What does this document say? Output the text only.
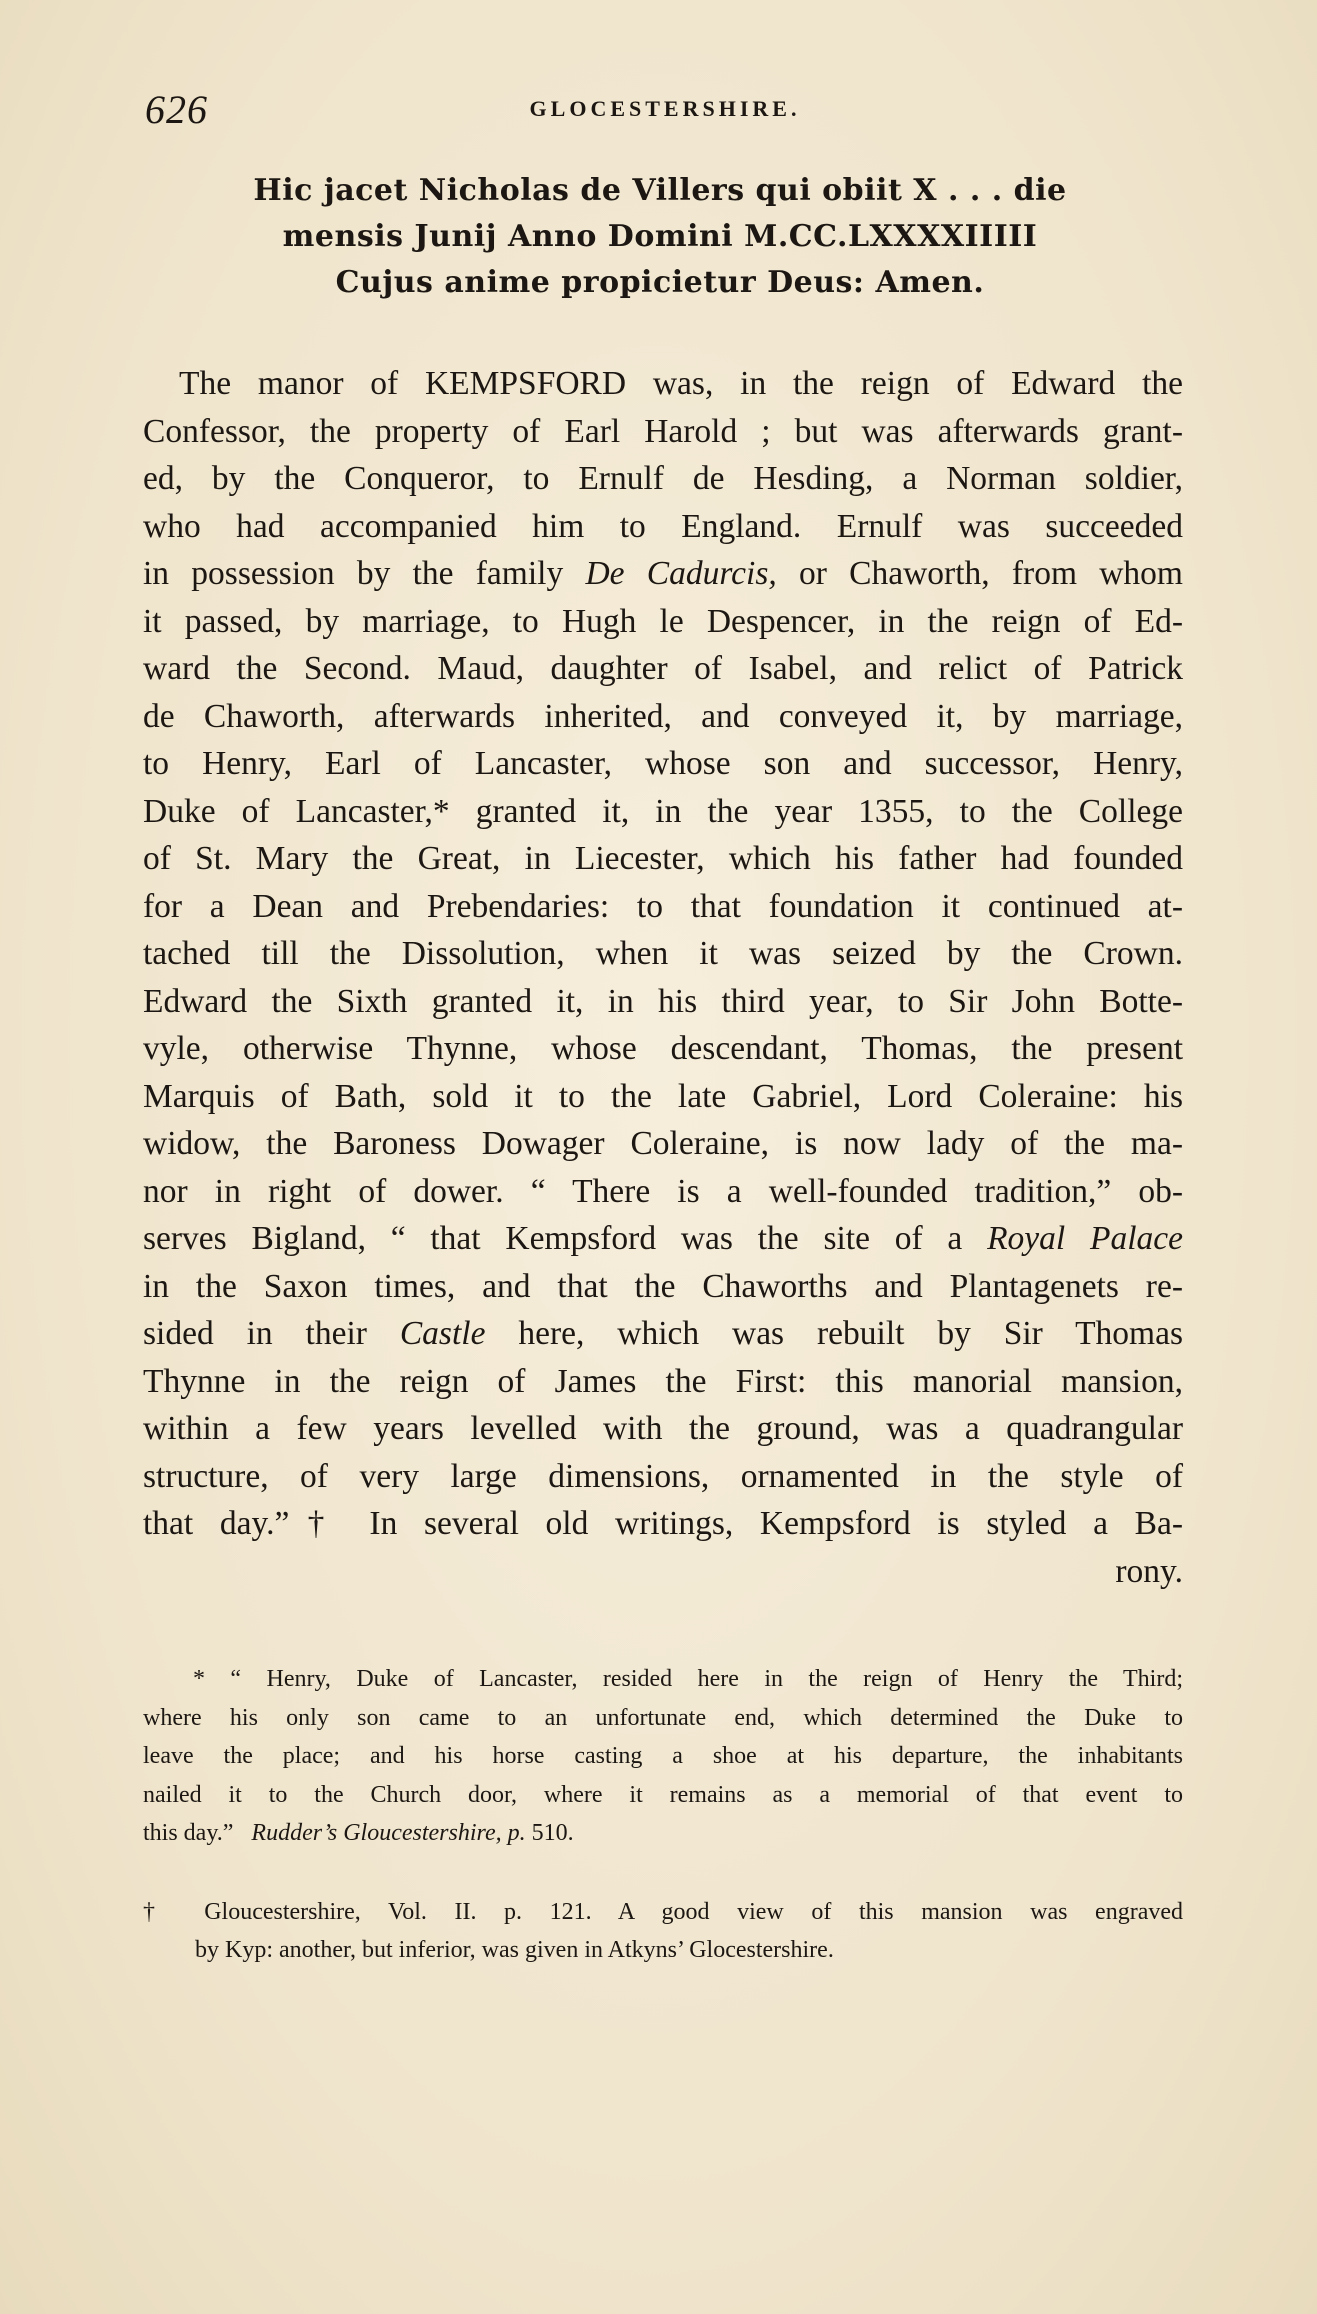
626	GLOCESTERSHIRE.
Hic jacet Nicholas de Villers qui obiit X . . . die
mensis Junij Anno Domini M.CC.LXXXXIIIII
Cujus anime propicietur Deus: Amen.
The manor of KEMPSFORD was, in the reign of Edward the
Confessor, the property of Earl Harold ; but was afterwards grant-
ed, by the Conqueror, to Ernulf de Hesding, a Norman soldier,
who had accompanied him to England. Ernulf was succeeded
in possession by the family De Cadurcis, or Chaworth, from whom
it passed, by marriage, to Hugh le Despencer, in the reign of Ed-
ward the Second. Maud, daughter of Isabel, and relict of Patrick
de Chaworth, afterwards inherited, and conveyed it, by marriage,
to Henry, Earl of Lancaster, whose son and successor, Henry,
Duke of Lancaster,* granted it, in the year 1355, to the College
of St. Mary the Great, in Liecester, which his father had founded
for a Dean and Prebendaries: to that foundation it continued at-
tached till the Dissolution, when it was seized by the Crown.
Edward the Sixth granted it, in his third year, to Sir John Botte-
vyle, otherwise Thynne, whose descendant, Thomas, the present
Marquis of Bath, sold it to the late Gabriel, Lord Coleraine: his
widow, the Baroness Dowager Coleraine, is now lady of the ma-
nor in right of dower. “ There is a well-founded tradition,” ob-
serves Bigland, “ that Kempsford was the site of a Royal Palace
in the Saxon times, and that the Chaworths and Plantagenets re-
sided in their Castle here, which was rebuilt by Sir Thomas
Thynne in the reign of James the First: this manorial mansion,
within a few years levelled with the ground, was a quadrangular
structure, of very large dimensions, ornamented in the style of
that day.”† In several old writings, Kempsford is styled a Ba-
rony.
* “ Henry, Duke of Lancaster, resided here in the reign of Henry the Third;
where his only son came to an unfortunate end, which determined the Duke to
leave the place; and his horse casting a shoe at his departure, the inhabitants
nailed it to the Church door, where it remains as a memorial of that event to
this day.” Rudder’s Gloucestershire, p. 510.
† Gloucestershire, Vol. II. p. 121. A good view of this mansion was engraved
by Kyp: another, but inferior, was given in Atkyns’ Glocestershire.
